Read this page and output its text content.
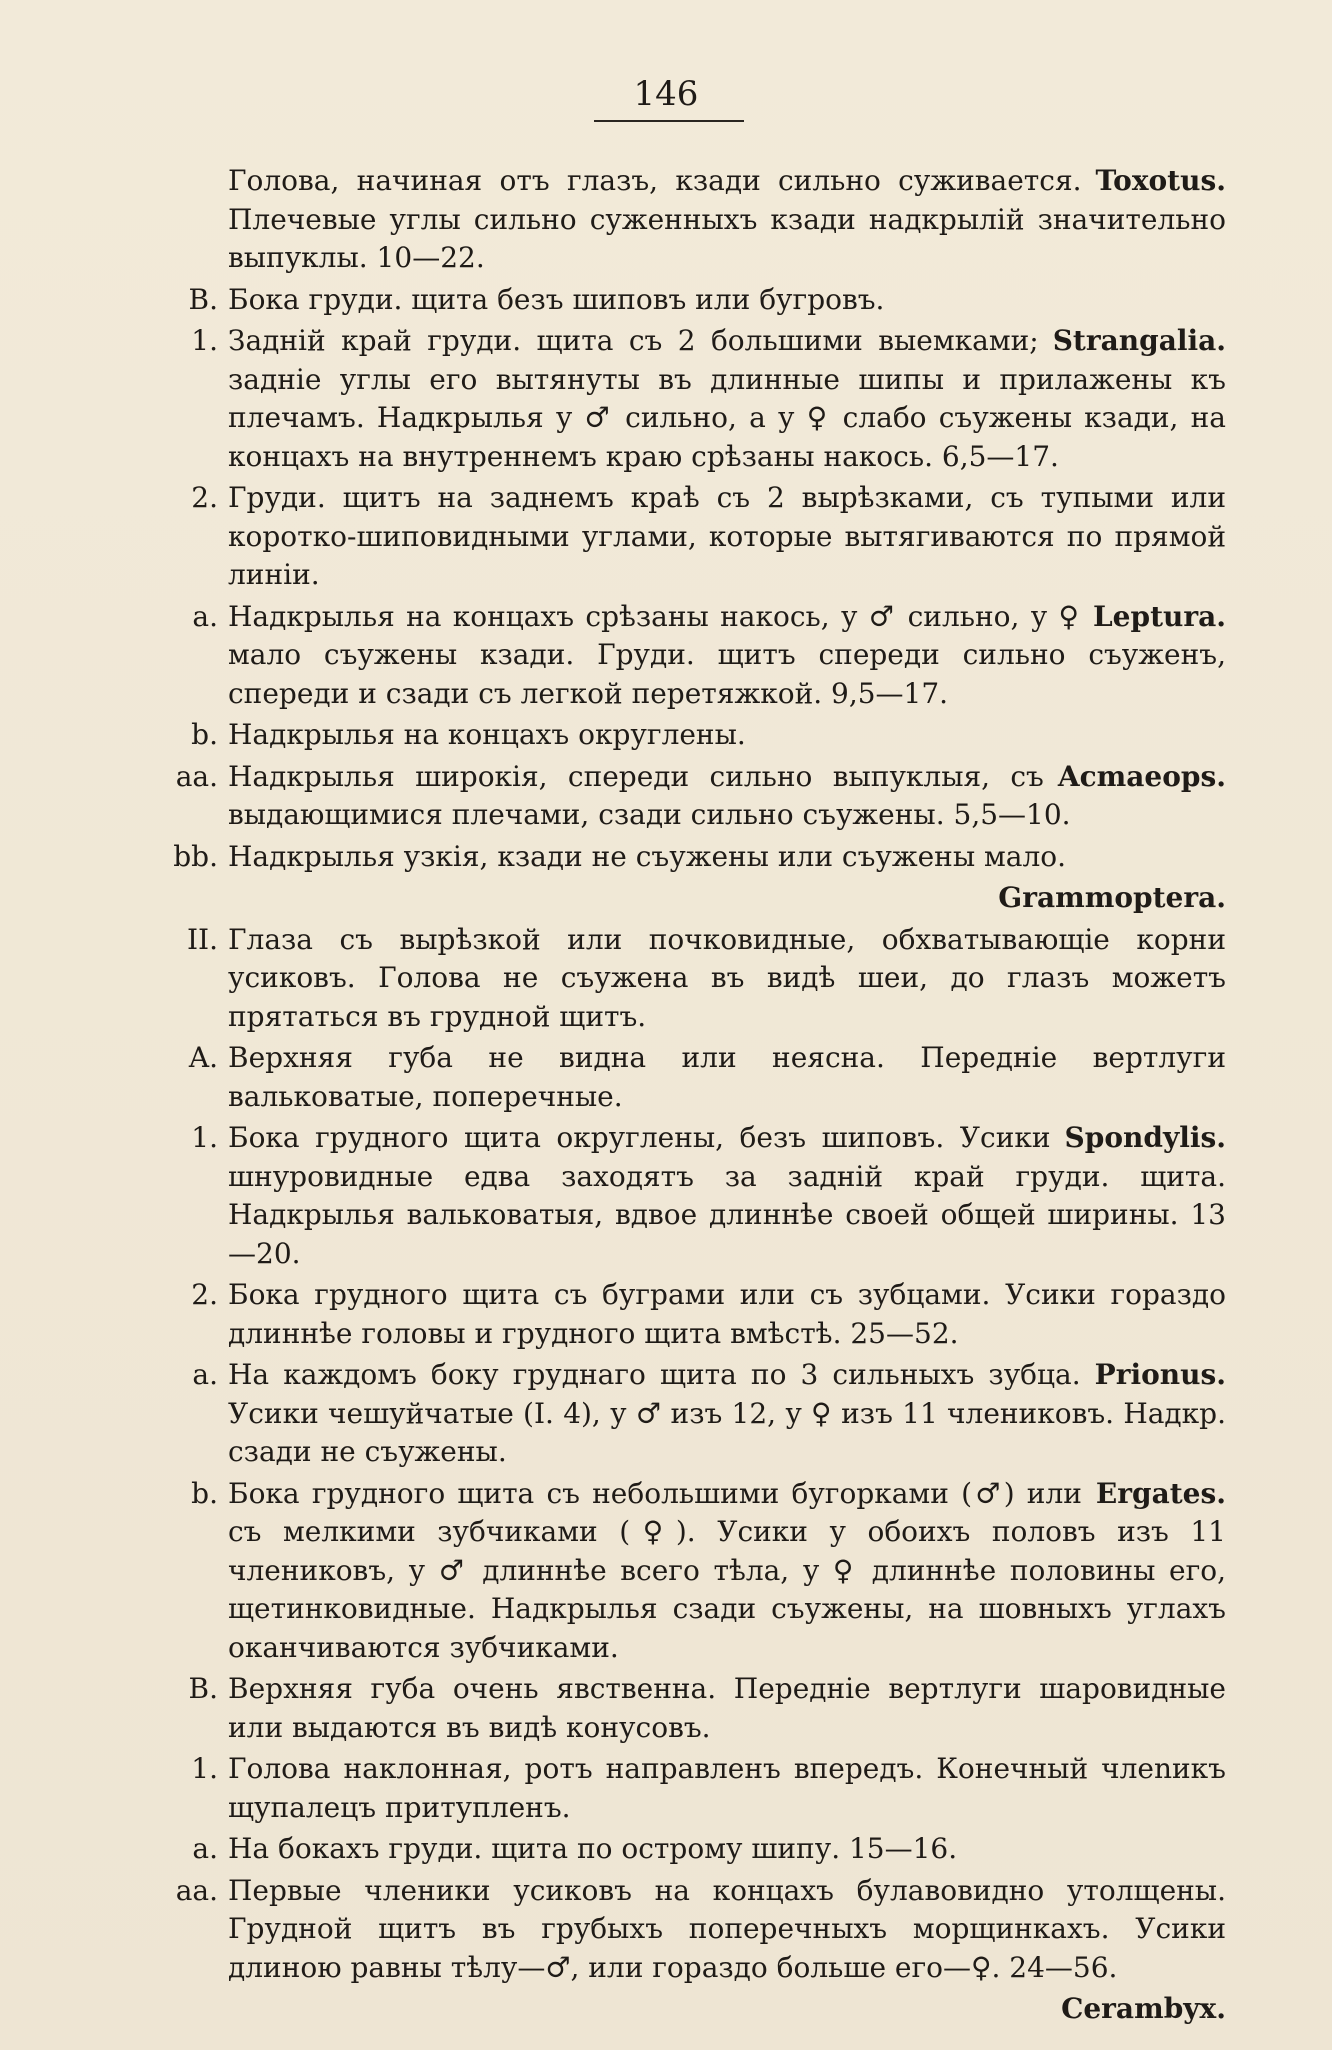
146
Toxotus.
Голова, начиная отъ глазъ, кзади сильно суживается. Плечевые углы сильно суженныхъ кзади надкрылій значительно выпуклы. 10—22.
B. Бока груди. щита безъ шиповъ или бугровъ.
1.	Strangalia.
Задній край груди. щита съ 2 большими выемками; задніе углы его вытянуты въ длинные шипы и прилажены къ плечамъ. Надкрылья у ♂ сильно, а у ♀ слабо съужены кзади, на концахъ на внутреннемъ краю срѣзаны накось. 6,5—17.
2. Груди. щитъ на заднемъ краѣ съ 2 вырѣзками, съ тупыми или коротко-шиповидными углами, которые вытягиваются по прямой линіи.
a.	Leptura.
Надкрылья на концахъ срѣзаны накось, у ♂ сильно, у ♀ мало съужены кзади. Груди. щитъ спереди сильно съуженъ, спереди и сзади съ легкой перетяжкой. 9,5—17.
b. Надкрылья на концахъ округлены.
aa.	Acmaeops.
Надкрылья широкія, спереди сильно выпуклыя, съ выдающимися плечами, сзади сильно съужены. 5,5—10.
bb. Надкрылья узкія, кзади не съужены или съужены мало.
Grammoptera.
II. Глаза съ вырѣзкой или почковидные, обхватывающіе корни усиковъ. Голова не съужена въ видѣ шеи, до глазъ можетъ прятаться въ грудной щитъ.
A. Верхняя губа не видна или неясна. Передніе вертлуги вальковатые, поперечные.
1.	Spondylis.
Бока грудного щита округлены, безъ шиповъ. Усики шнуровидные едва заходятъ за задній край груди. щита. Надкрылья вальковатыя, вдвое длиннѣе своей общей ширины. 13—20.
2. Бока грудного щита съ буграми или съ зубцами. Усики гораздо длиннѣе головы и грудного щита вмѣстѣ. 25—52.
a.	Prionus.
На каждомъ боку груднаго щита по 3 сильныхъ зубца. Усики чешуйчатые (I. 4), у ♂ изъ 12, у ♀ изъ 11 члениковъ. Надкр. сзади не съужены.
b.	Ergates.
Бока грудного щита съ небольшими бугорками (♂) или съ мелкими зубчиками (♀). Усики у обоихъ половъ изъ 11 члениковъ, у ♂ длиннѣе всего тѣла, у ♀ длиннѣе половины его, щетинковидные. Надкрылья сзади съужены, на шовныхъ углахъ оканчиваются зубчиками.
B. Верхняя губа очень явственна. Передніе вертлуги шаровидные или выдаются въ видѣ конусовъ.
1. Голова наклонная, ротъ направленъ впередъ. Конечный члеnикъ щупалецъ притупленъ.
a. На бокахъ груди. щита по острому шипу. 15—16.
aa. Первые членики усиковъ на концахъ булавовидно утолщены. Грудной щитъ въ грубыхъ поперечныхъ морщинкахъ. Усики длиною равны тѣлу—♂, или гораздо больше его—♀. 24—56.
Cerambyx.
